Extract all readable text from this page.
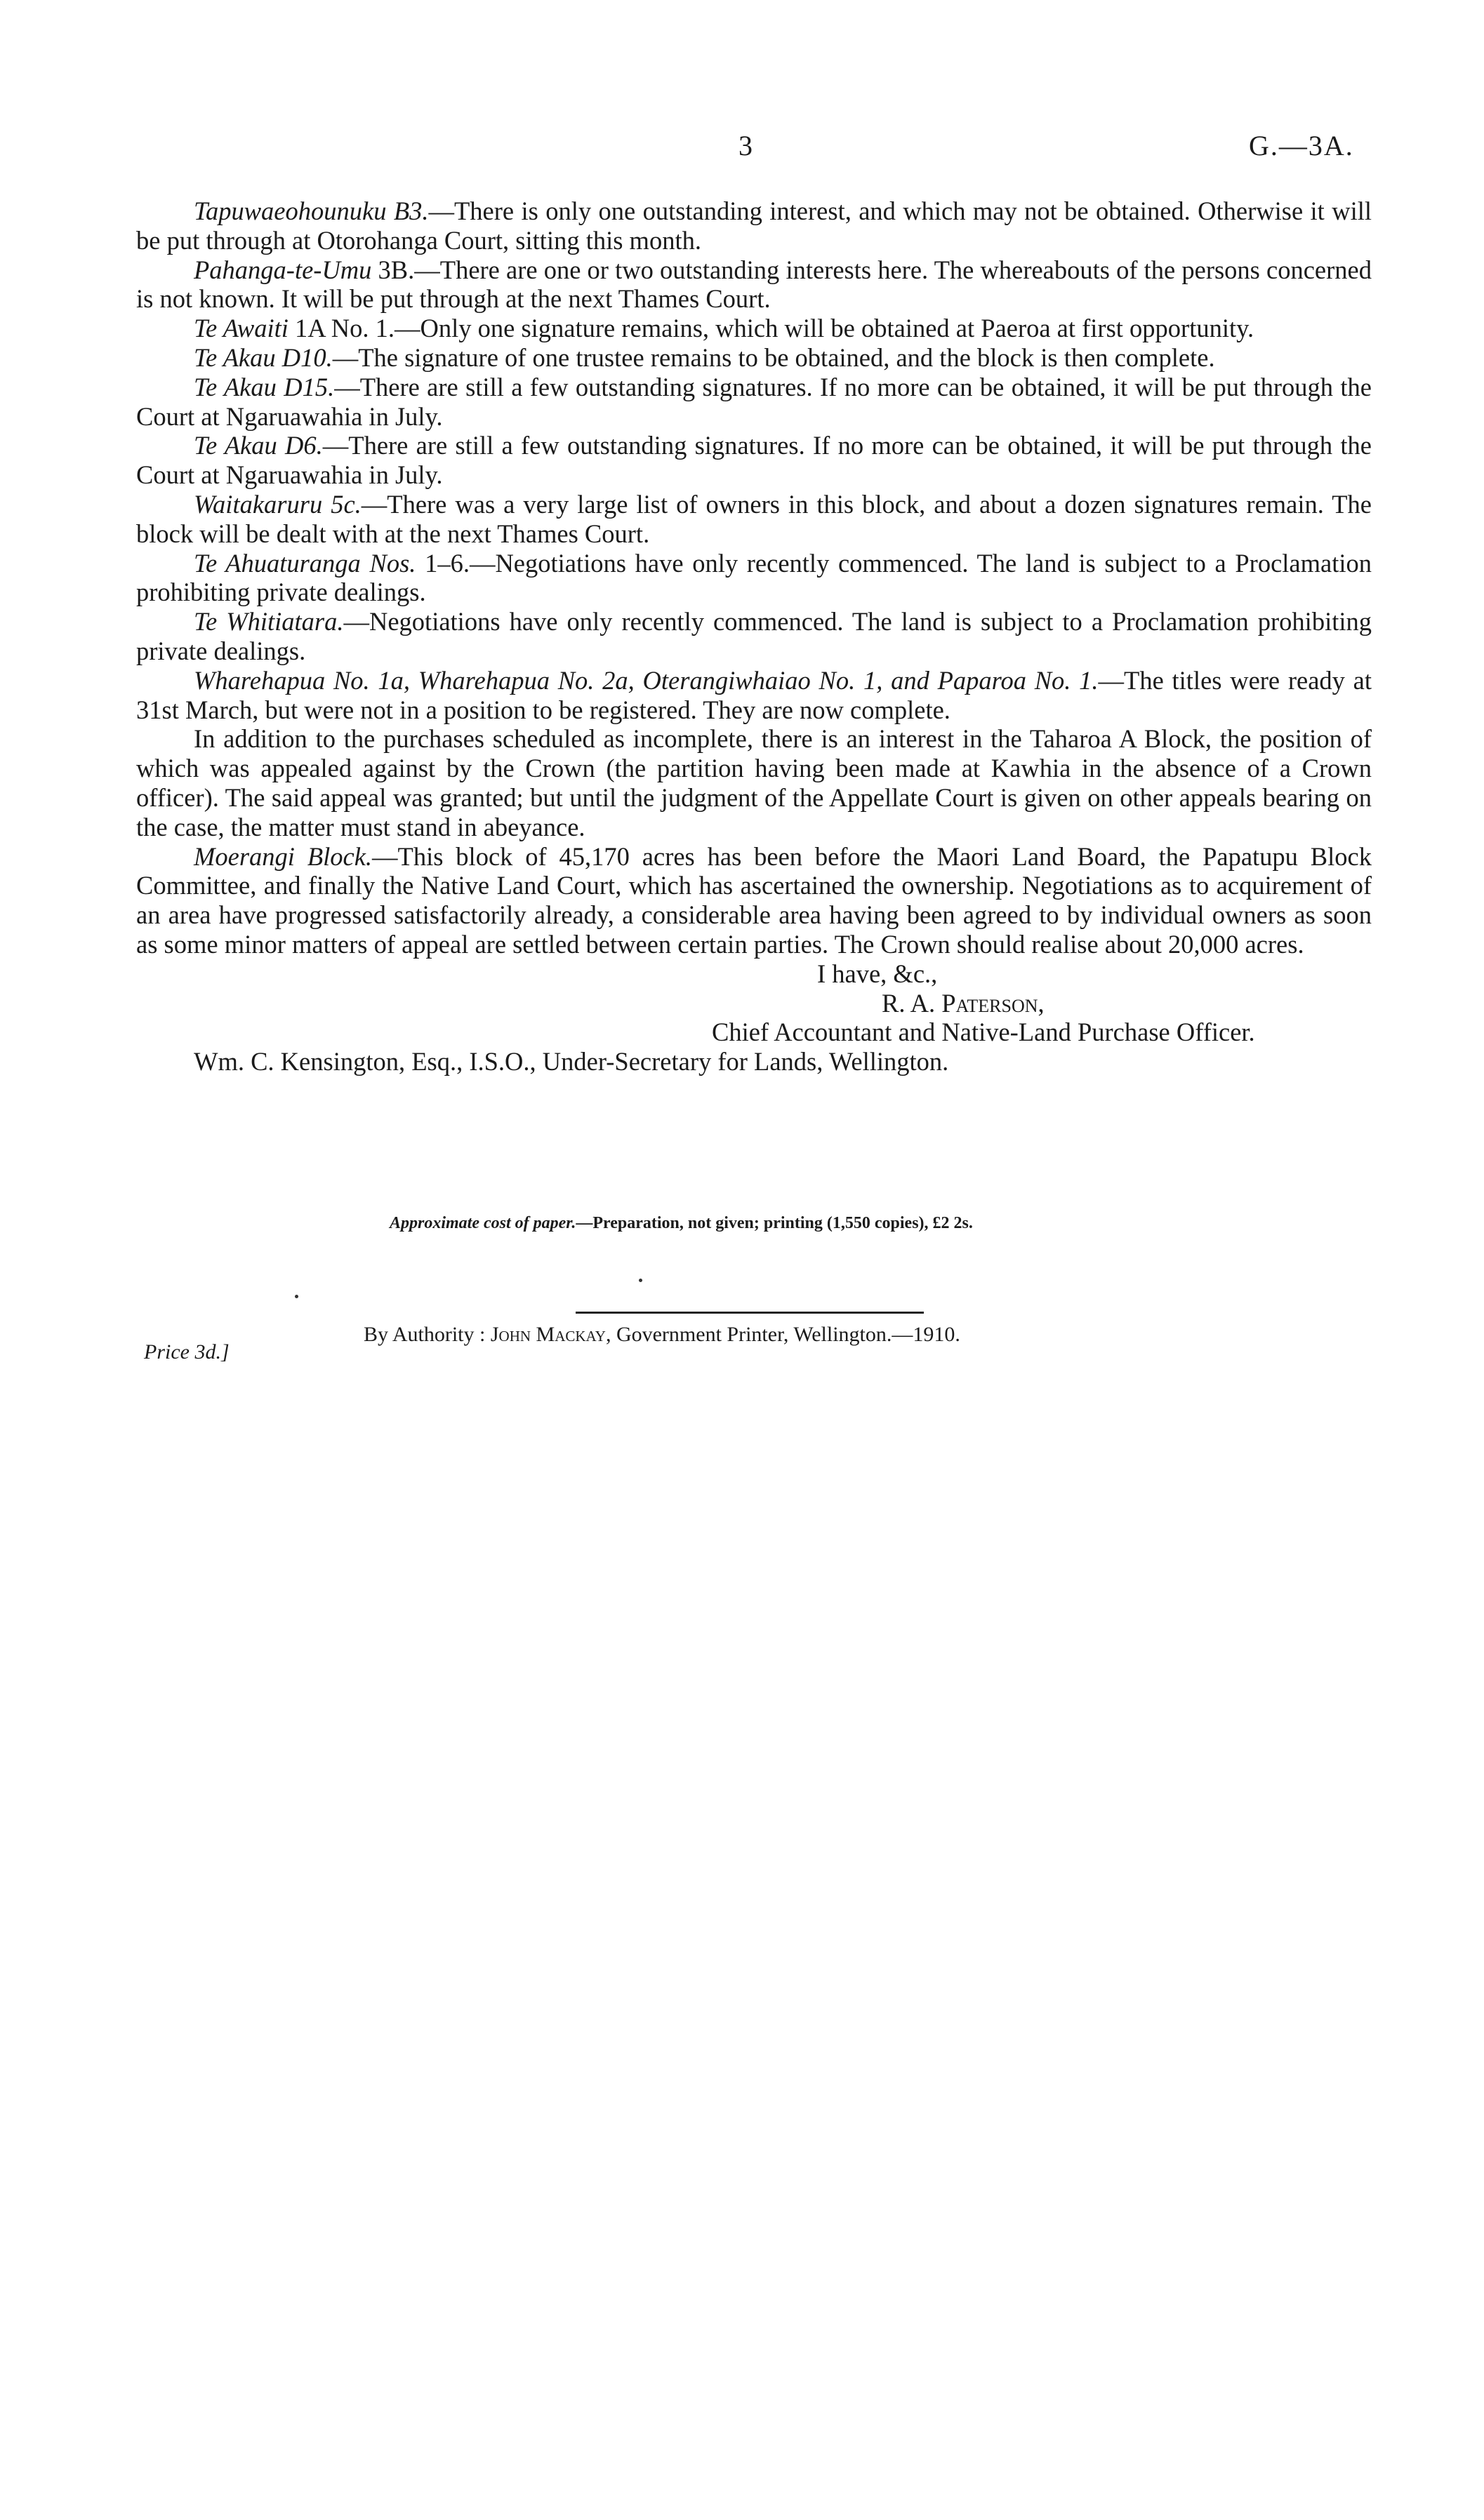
3	G.—3A.

Tapuwaeohounuku B3.—There is only one outstanding interest, and which may not be obtained. Otherwise it will be put through at Otorohanga Court, sitting this month.

Pahanga-te-Umu 3B.—There are one or two outstanding interests here. The whereabouts of the persons concerned is not known. It will be put through at the next Thames Court.

Te Awaiti 1A No. 1.—Only one signature remains, which will be obtained at Paeroa at first opportunity.

Te Akau D10.—The signature of one trustee remains to be obtained, and the block is then complete.

Te Akau D15.—There are still a few outstanding signatures. If no more can be obtained, it will be put through the Court at Ngaruawahia in July.

Te Akau D6.—There are still a few outstanding signatures. If no more can be obtained, it will be put through the Court at Ngaruawahia in July.

Waitakaruru 5c.—There was a very large list of owners in this block, and about a dozen signatures remain. The block will be dealt with at the next Thames Court.

Te Ahuaturanga Nos. 1–6.—Negotiations have only recently commenced. The land is subject to a Proclamation prohibiting private dealings.

Te Whitiatara.—Negotiations have only recently commenced. The land is subject to a Proclamation prohibiting private dealings.

Wharehapua No. 1a, Wharehapua No. 2a, Oterangiwhaiao No. 1, and Paparoa No. 1.—The titles were ready at 31st March, but were not in a position to be registered. They are now complete.

In addition to the purchases scheduled as incomplete, there is an interest in the Taharoa A Block, the position of which was appealed against by the Crown (the partition having been made at Kawhia in the absence of a Crown officer). The said appeal was granted; but until the judgment of the Appellate Court is given on other appeals bearing on the case, the matter must stand in abeyance.

Moerangi Block.—This block of 45,170 acres has been before the Maori Land Board, the Papatupu Block Committee, and finally the Native Land Court, which has ascertained the ownership. Negotiations as to acquirement of an area have progressed satisfactorily already, a considerable area having been agreed to by individual owners as soon as some minor matters of appeal are settled between certain parties. The Crown should realise about 20,000 acres.

I have, &c.,
R. A. Paterson,
Chief Accountant and Native-Land Purchase Officer.

Wm. C. Kensington, Esq., I.S.O., Under-Secretary for Lands, Wellington.

Approximate cost of paper.—Preparation, not given; printing (1,550 copies), £2 2s.
By Authority : John Mackay, Government Printer, Wellington.—1910.
Price 3d.]
